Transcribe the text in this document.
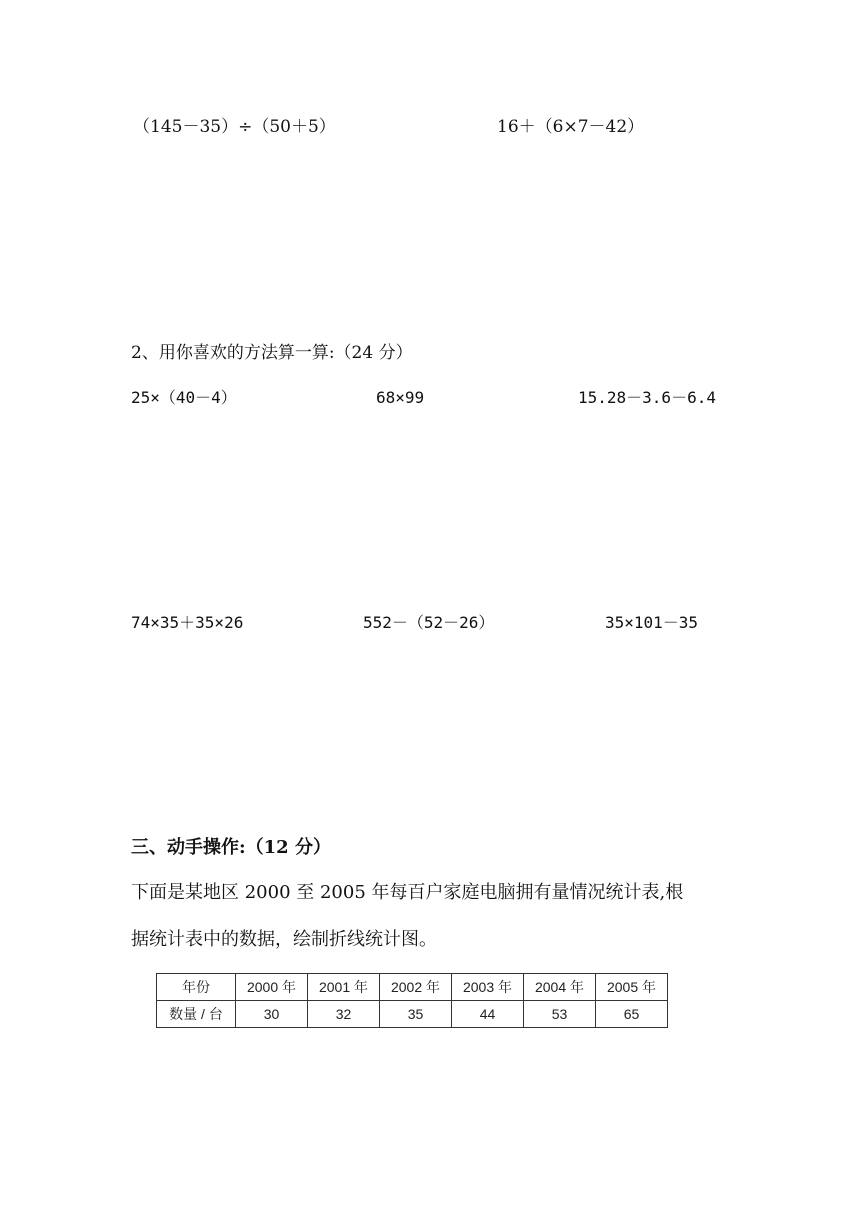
（145－35）÷（50＋5）	16＋（6×7－42）
2、用你喜欢的方法算一算:（24 分）
25×（40－4）	68×99	15.28－3.6－6.4
74×35＋35×26	552－（52－26）	35×101－35
三、动手操作:（12 分）
下面是某地区 2000 至 2005 年每百户家庭电脑拥有量情况统计表,根
据统计表中的数据，绘制折线统计图。
年份	2000 年	2001 年	2002 年	2003 年	2004 年	2005 年
数量 / 台	30	32	35	44	53	65
